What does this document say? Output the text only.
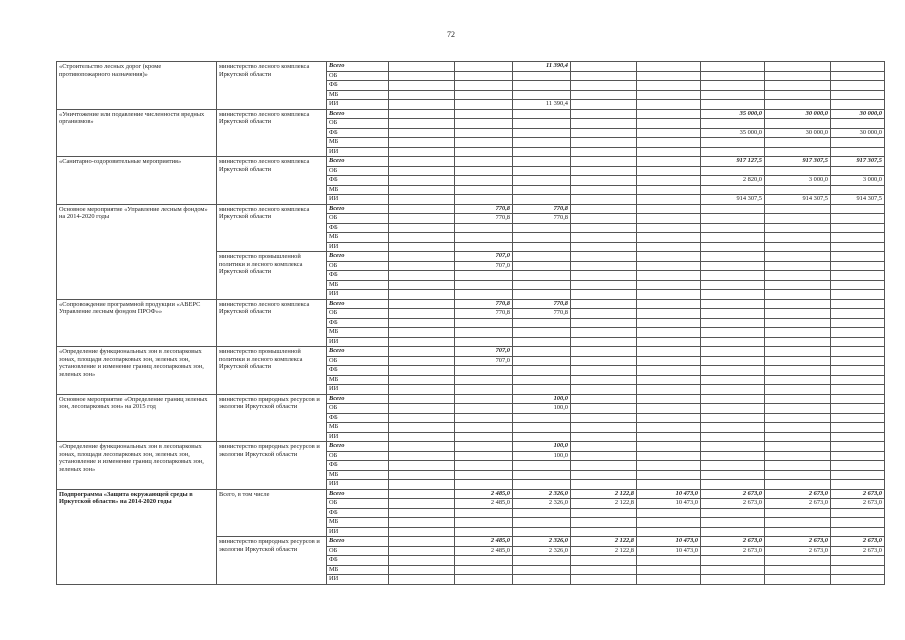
72
«Строительство лесных дорог (кроме противопожарного назначения)»	министерство лесного комплекса Иркутской области	Всего			11 390,4					
		ОБ								
		ФБ								
		МБ								
		ИИ			11 390,4					
«Уничтожение или подавление численности вредных организмов»	министерство лесного комплекса Иркутской области	Всего						35 000,0	30 000,0	30 000,0
		ОБ								
		ФБ						35 000,0	30 000,0	30 000,0
		МБ								
		ИИ								
«Санитарно-оздоровительные мероприятия»	министерство лесного комплекса Иркутской области	Всего						917 127,5	917 307,5	917 307,5
		ОБ								
		ФБ						2 820,0	3 000,0	3 000,0
		МБ								
		ИИ						914 307,5	914 307,5	914 307,5
Основное мероприятие «Управление лесным фондом» на 2014-2020 годы	министерство лесного комплекса Иркутской области	Всего		770,8	770,8					
		ОБ		770,8	770,8					
		ФБ								
		МБ								
		ИИ								
	министерство промышленной политики и лесного комплекса Иркутской области	Всего		707,0						
		ОБ		707,0						
		ФБ								
		МБ								
		ИИ								
«Сопровождение программной продукции «АВЕРС Управление лесным фондом ПРОФ»»	министерство лесного комплекса Иркутской области	Всего		770,8	770,8					
		ОБ		770,8	770,8					
		ФБ								
		МБ								
		ИИ								
«Определение функциональных зон в лесопарковых зонах, площади лесопарковых зон, зеленых зон, установление и изменение границ лесопарковых зон, зеленых зон»	министерство промышленной политики и лесного комплекса Иркутской области	Всего		707,0						
		ОБ		707,0						
		ФБ								
		МБ								
		ИИ								
Основное мероприятие «Определение границ зеленых зон, лесопарковых зон» на 2015 год	министерство природных ресурсов и экологии Иркутской области	Всего			100,0					
		ОБ			100,0					
		ФБ								
		МБ								
		ИИ								
«Определение функциональных зон в лесопарковых зонах, площади лесопарковых зон, зеленых зон, установление и изменение границ лесопарковых зон, зеленых зон»	министерство природных ресурсов и экологии Иркутской области	Всего			100,0					
		ОБ			100,0					
		ФБ								
		МБ								
		ИИ								
Подпрограмма «Защита окружающей среды в Иркутской области» на 2014-2020 годы	Всего, в том числе	Всего		2 485,0	2 326,0	2 122,8	10 473,0	2 673,0	2 673,0	2 673,0
		ОБ		2 485,0	2 326,0	2 122,8	10 473,0	2 673,0	2 673,0	2 673,0
		ФБ								
		МБ								
		ИИ								
	министерство природных ресурсов и экологии Иркутской области	Всего		2 485,0	2 326,0	2 122,8	10 473,0	2 673,0	2 673,0	2 673,0
		ОБ		2 485,0	2 326,0	2 122,8	10 473,0	2 673,0	2 673,0	2 673,0
		ФБ								
		МБ								
		ИИ								
